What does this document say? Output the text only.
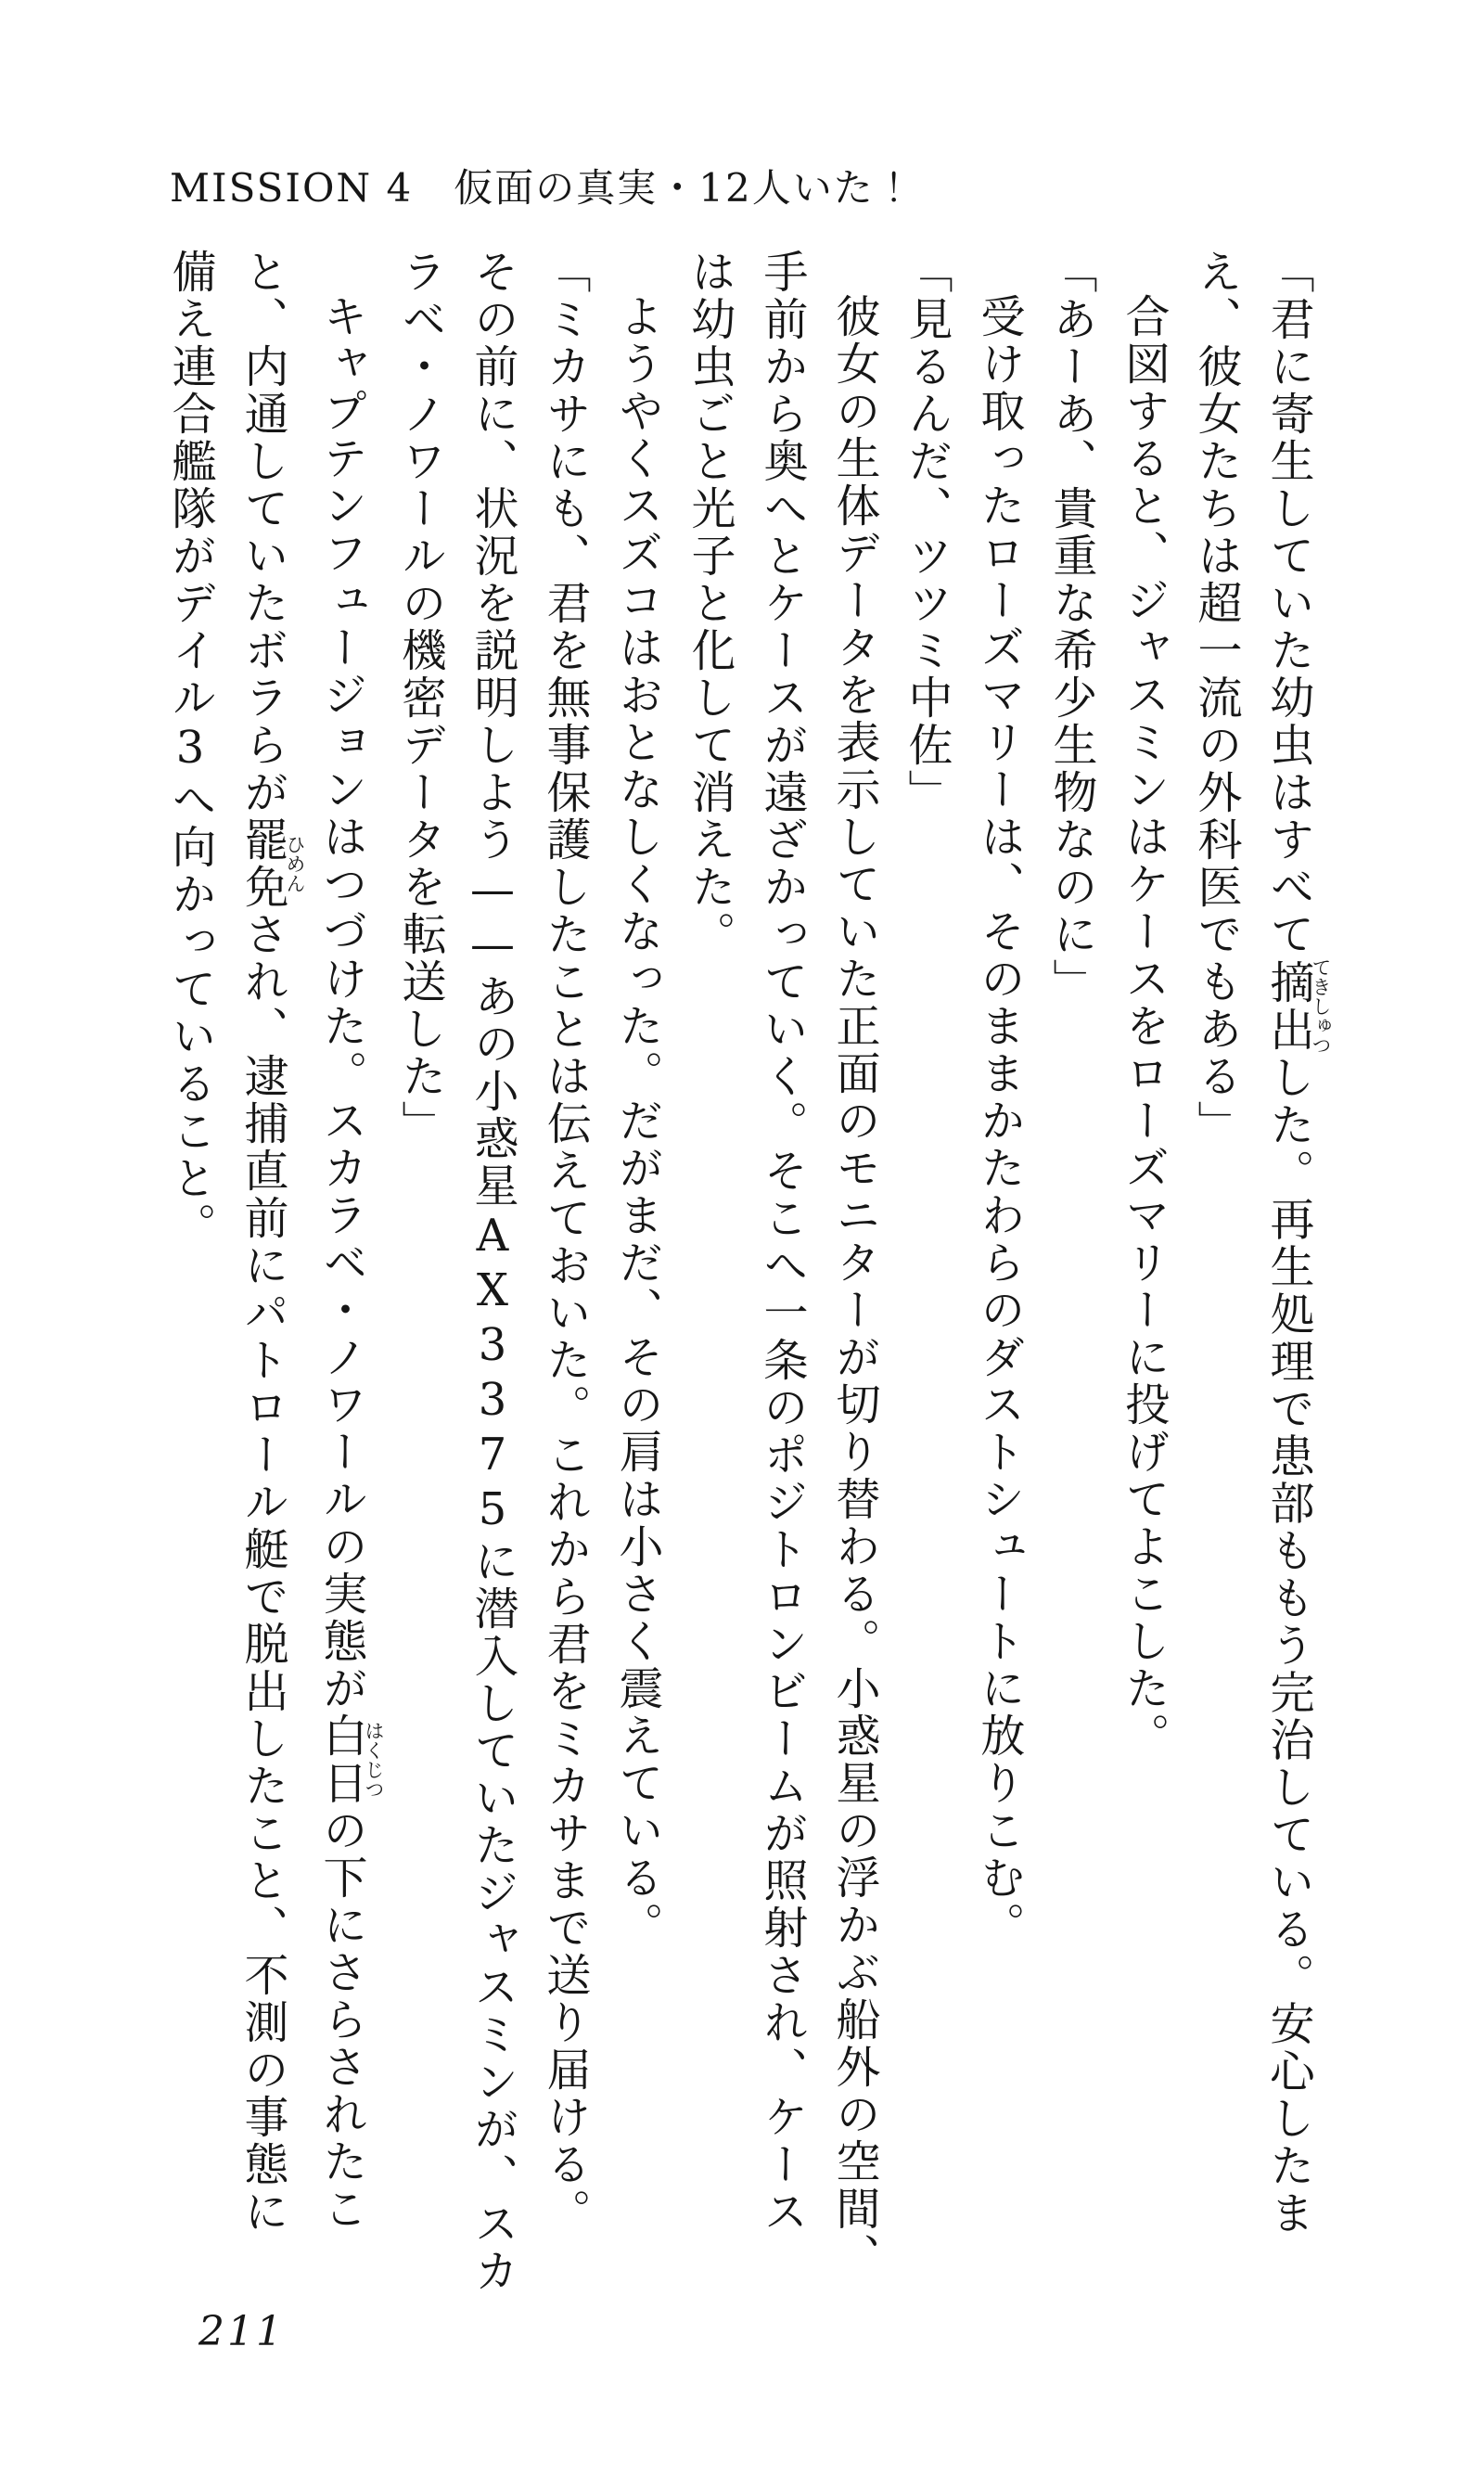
MISSION 4　仮面の真実・12人いた！
「君に寄生していた幼虫はすべて摘出てきしゅつした。再生処理で患部ももう完治している。安心したま
え、彼女たちは超一流の外科医でもある」
合図すると、ジャスミンはケースをローズマリーに投げてよこした。
「あーあ、貴重な希少生物なのに」
受け取ったローズマリーは、そのままかたわらのダストシュートに放りこむ。
「見るんだ、ツツミ中佐」
彼女の生体データを表示していた正面のモニターが切り替わる。小惑星の浮かぶ船外の空間、
手前から奥へとケースが遠ざかっていく。そこへ一条のポジトロンビームが照射され、ケース
は幼虫ごと光子と化して消えた。
ようやくスズコはおとなしくなった。だがまだ、その肩は小さく震えている。
「ミカサにも、君を無事保護したことは伝えておいた。これから君をミカサまで送り届ける。
その前に、状況を説明しよう——あの小惑星AX3375に潜入していたジャスミンが、スカ
ラベ・ノワールの機密データを転送した」
キャプテンフュージョンはつづけた。スカラベ・ノワールの実態が白日はくじつの下にさらされたこ
と、内通していたボラらが罷免ひめんされ、逮捕直前にパトロール艇で脱出したこと、不測の事態に
備え連合艦隊がデイル3へ向かっていること。
211
